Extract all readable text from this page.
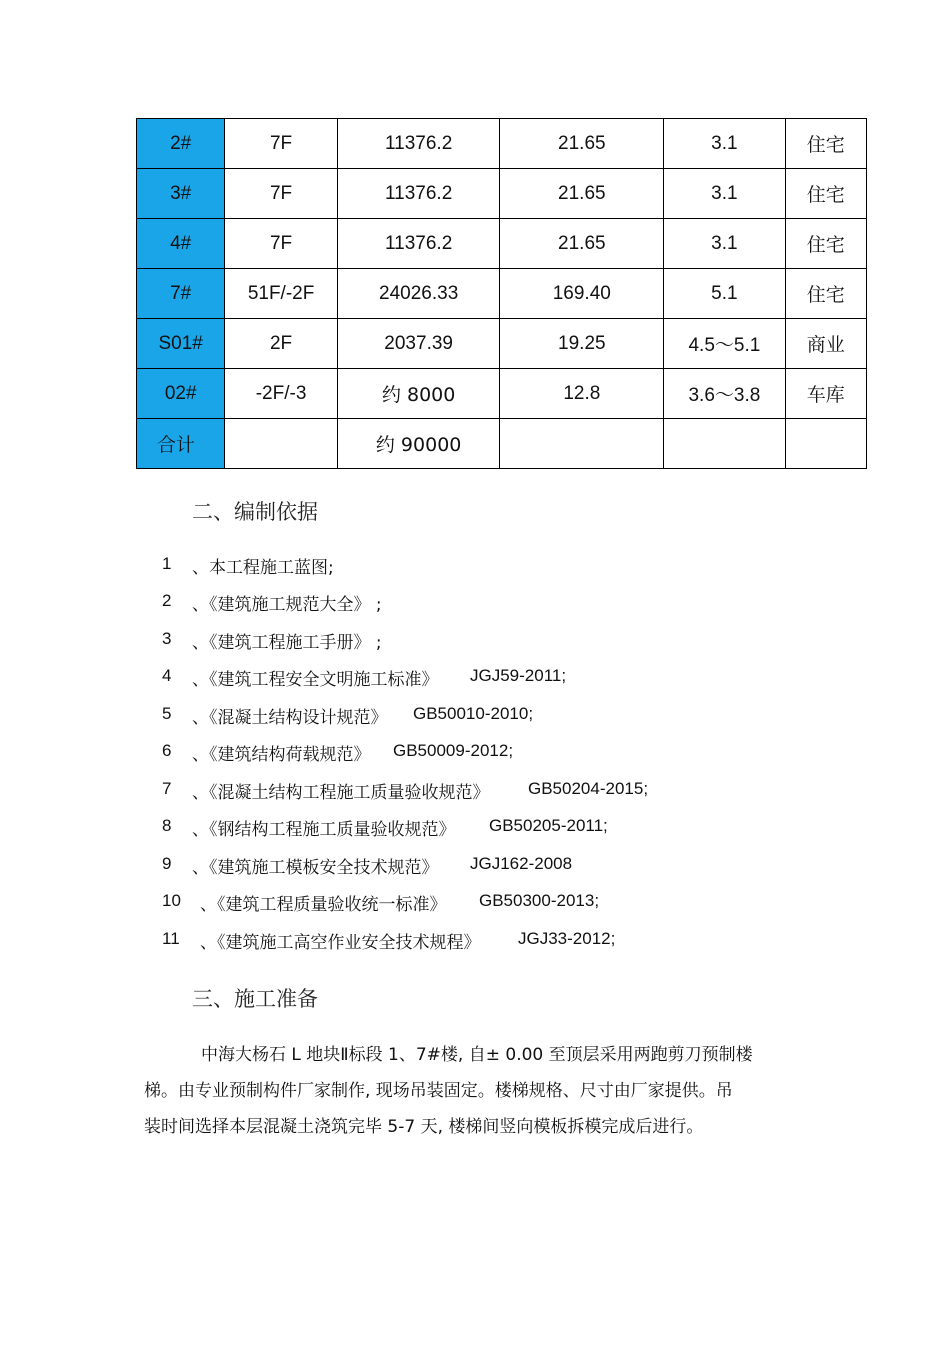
2#	7F	11376.2	21.65	3.1	住宅
3#	7F	11376.2	21.65	3.1	住宅
4#	7F	11376.2	21.65	3.1	住宅
7#	51F/-2F	24026.33	169.40	5.1	住宅
S01#	2F	2037.39	19.25	4.5～5.1	商业
02#	-2F/-3	约 8000	12.8	3.6～3.8	车库
合计		约 90000			
二、编制依据
1 、本工程施工蓝图;
2 、《建筑施工规范大全》 ;
3 、《建筑工程施工手册》 ;
4 、《建筑工程安全文明施工标准》 JGJ59-2011;
5 、《混凝土结构设计规范》 GB50010-2010;
6 、《建筑结构荷载规范》 GB50009-2012;
7 、《混凝土结构工程施工质量验收规范》 GB50204-2015;
8 、《钢结构工程施工质量验收规范》 GB50205-2011;
9 、《建筑施工模板安全技术规范》 JGJ162-2008
10 、《建筑工程质量验收统一标准》 GB50300-2013;
11 、《建筑施工高空作业安全技术规程》 JGJ33-2012;
三、施工准备
中海大杨石 L 地块Ⅱ标段 1、7#楼, 自± 0.00 至顶层采用两跑剪刀预制楼
梯。由专业预制构件厂家制作, 现场吊装固定。楼梯规格、尺寸由厂家提供。吊
装时间选择本层混凝土浇筑完毕 5-7 天, 楼梯间竖向模板拆模完成后进行。
